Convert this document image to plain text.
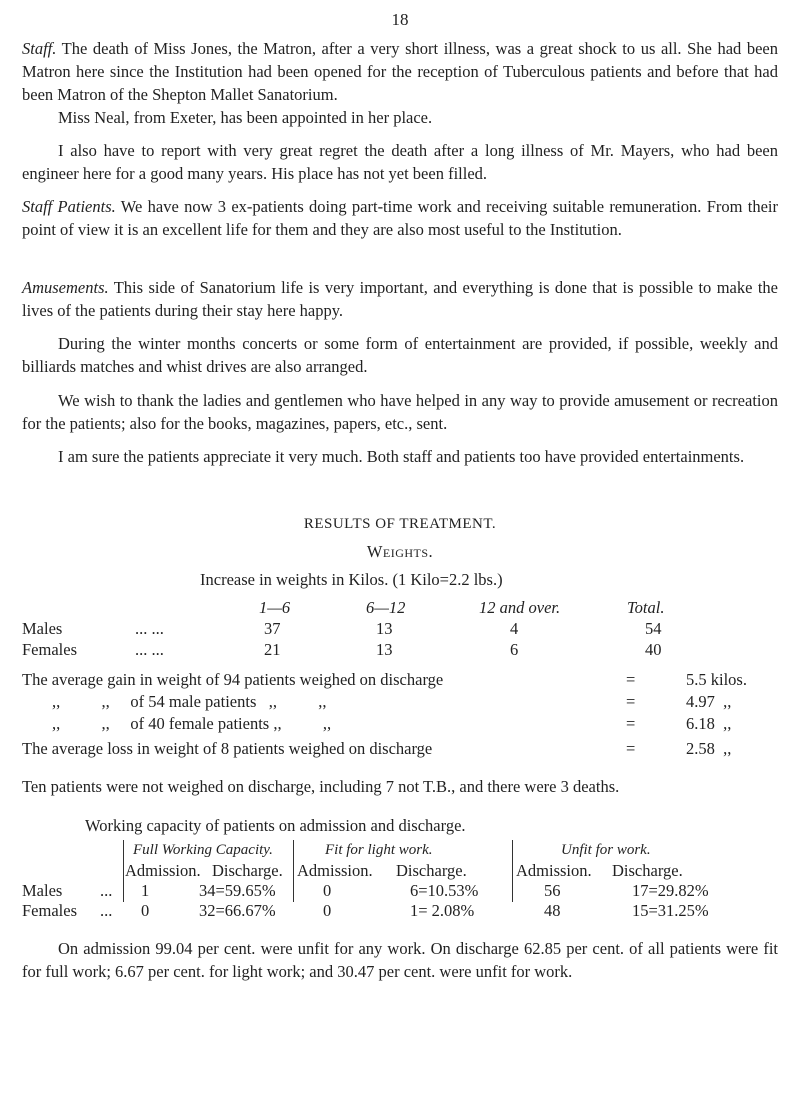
18
Staff. The death of Miss Jones, the Matron, after a very short illness, was a great shock to us all. She had been Matron here since the Institution had been opened for the reception of Tuberculous patients and before that had been Matron of the Shepton Mallet Sanatorium.
Miss Neal, from Exeter, has been appointed in her place.
I also have to report with very great regret the death after a long illness of Mr. Mayers, who had been engineer here for a good many years. His place has not yet been filled.
Staff Patients. We have now 3 ex-patients doing part-time work and receiving suitable remuneration. From their point of view it is an excellent life for them and they are also most useful to the Institution.
Amusements. This side of Sanatorium life is very important, and everything is done that is possible to make the lives of the patients during their stay here happy.
During the winter months concerts or some form of entertainment are provided, if possible, weekly and billiards matches and whist drives are also arranged.
We wish to thank the ladies and gentlemen who have helped in any way to provide amusement or recreation for the patients; also for the books, magazines, papers, etc., sent.
I am sure the patients appreciate it very much. Both staff and patients too have provided entertainments.
RESULTS OF TREATMENT.
Weights.
Increase in weights in Kilos. (1 Kilo=2.2 lbs.)
1—6	6—12	12 and over.	Total.
Males	... ...	37	13	4	54
Females	... ...	21	13	6	40
The average gain in weight of 94 patients weighed on discharge	=	5.5 kilos.
,,          ,,     of 54 male patients   ,,          ,,	=	4.97  ,,
,,          ,,     of 40 female patients ,,          ,,	=	6.18  ,,
The average loss in weight of 8 patients weighed on discharge	=	2.58  ,,
Ten patients were not weighed on discharge, including 7 not T.B., and there were 3 deaths.
Working capacity of patients on admission and discharge.
Full Working Capacity.	Fit for light work.	Unfit for work.
Admission. Discharge. Admission. Discharge.	Admission. Discharge.
Males ... 1	34=59.65%	0	6=10.53%	56	17=29.82%
Females ... 0	32=66.67%	0	1= 2.08%	48	15=31.25%
On admission 99.04 per cent. were unfit for any work. On discharge 62.85 per cent. of all patients were fit for full work; 6.67 per cent. for light work; and 30.47 per cent. were unfit for work.
